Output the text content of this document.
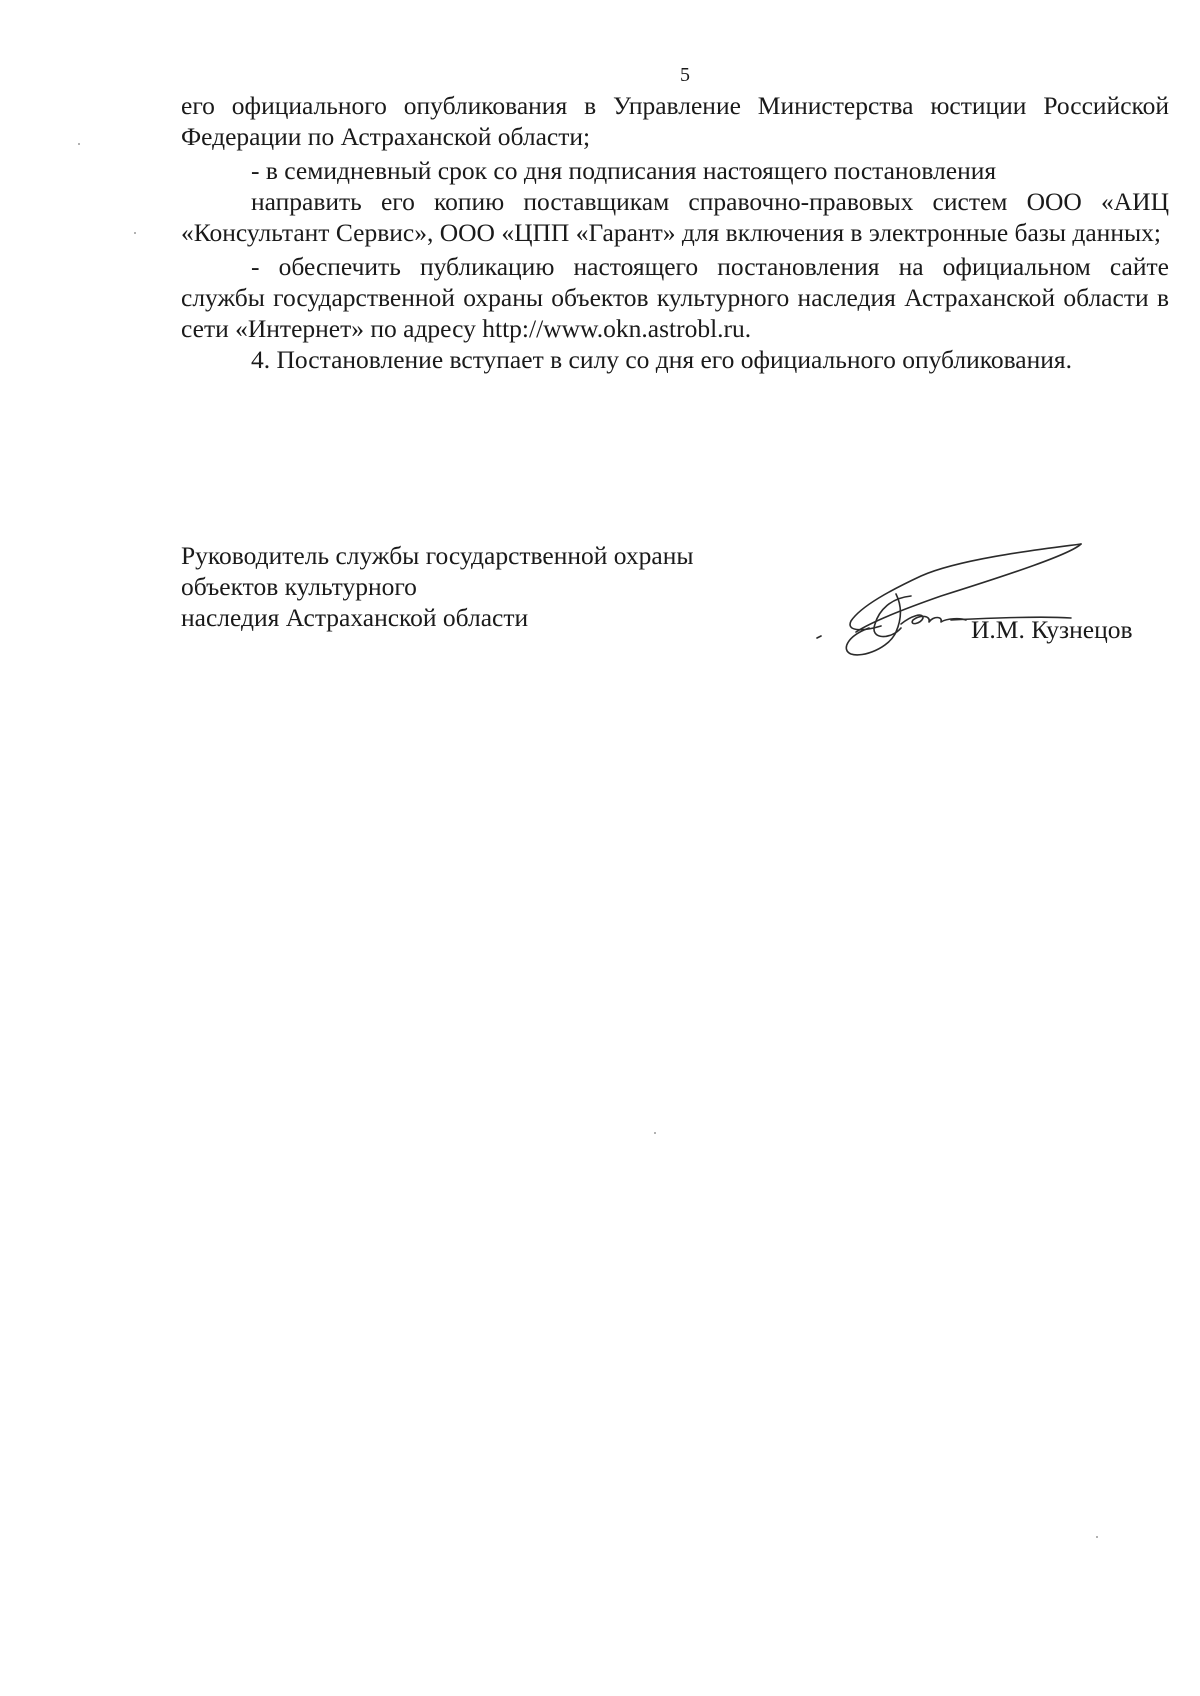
5

его официального опубликования в Управление Министерства юстиции Российской Федерации по Астраханской области;

- в семидневный срок со дня подписания настоящего постановления

направить его копию поставщикам справочно-правовых систем ООО «АИЦ «Консультант Сервис», ООО «ЦПП «Гарант» для включения в электронные базы данных;

- обеспечить публикацию настоящего постановления на официальном сайте службы государственной охраны объектов культурного наследия Астраханской области в сети «Интернет» по адресу http://www.okn.astrobl.ru.

4. Постановление вступает в силу со дня его официального опубликования.

Руководитель службы государственной охраны
объектов культурного
наследия Астраханской области	И.М. Кузнецов
